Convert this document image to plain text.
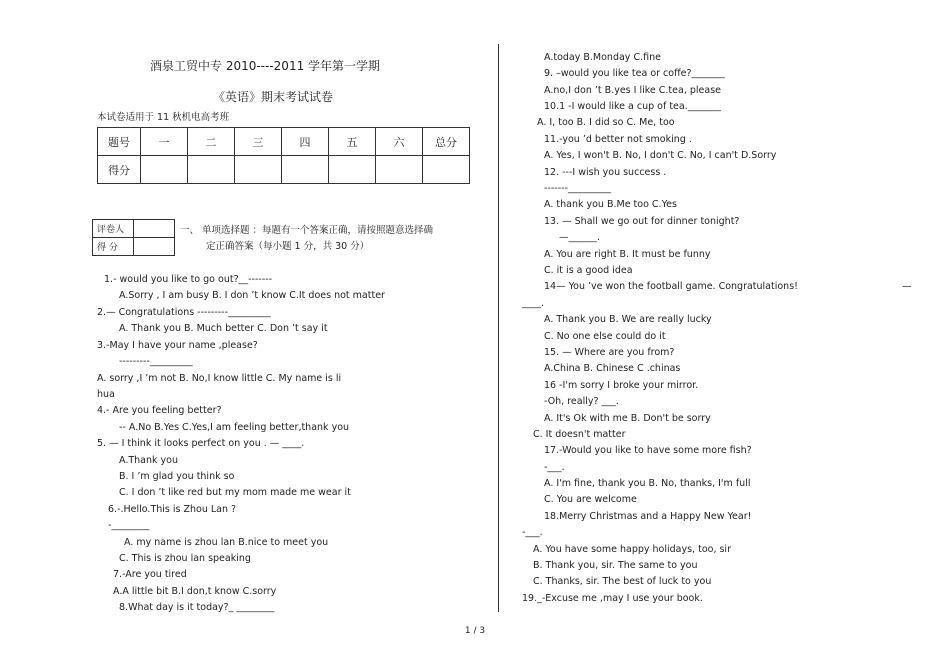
酒泉工贸中专 2010----2011 学年第一学期
《英语》期末考试试卷
本试卷适用于 11 秋机电高考班
题号	一	二	三	四	五	六	总分
得分							
评卷人	
得 分	
一、 单项选择题 ：每题有一个答案正确，请按照题意选择确
定正确答案（每小题 1 分，共 30 分）
1.- would you like to go out?__-------
A.Sorry , I am busy B. I don ’t know C.It does not matter
2.— Congratulations ---------_________
A. Thank you B. Much better C. Don ’t say it
3.-May I have your name ,please?
---------_________
A. sorry ,I ’m not B. No,I know little C. My name is li
hua
4.- Are you feeling better?
-- A.No B.Yes C.Yes,I am feeling better,thank you
5. — I think it looks perfect on you . — ____.
A.Thank you
B. I ’m glad you think so
C. I don ’t like red but my mom made me wear it
6.-.Hello.This is Zhou Lan ?
-________
A. my name is zhou lan B.nice to meet you
C. This is zhou lan speaking
7.-Are you tired
A.A little bit B.I don,t know C.sorry
8.What day is it today?_ ________
A.today B.Monday C.fine
9. –would you like tea or coffe?_______
A.no,I don ’t B.yes I like C.tea, please
10.1 -I would like a cup of tea._______
A. I, too B. I did so C. Me, too
11.-you ’d better not smoking .
A. Yes, I won't B. No, I don't C. No, I can't D.Sorry
12. ---I wish you success .
-------_________
A. thank you B.Me too C.Yes
13. — Shall we go out for dinner tonight?
—______.
A. You are right B. It must be funny
C. it is a good idea
14— You ’ve won the football game. Congratulations!	—
____.
A. Thank you B. We are really lucky
C. No one else could do it
15. — Where are you from?
A.China B. Chinese C .chinas
16 -I'm sorry I broke your mirror.
-Oh, really? ___.
A. It's Ok with me B. Don't be sorry
C. It doesn't matter
17.-Would you like to have some more fish?
-___.
A. I'm fine, thank you B. No, thanks, I'm full
C. You are welcome
18.Merry Christmas and a Happy New Year!
-___.
A. You have some happy holidays, too, sir
B. Thank you, sir. The same to you
C. Thanks, sir. The best of luck to you
19._-Excuse me ,may I use your book.
1 / 3
